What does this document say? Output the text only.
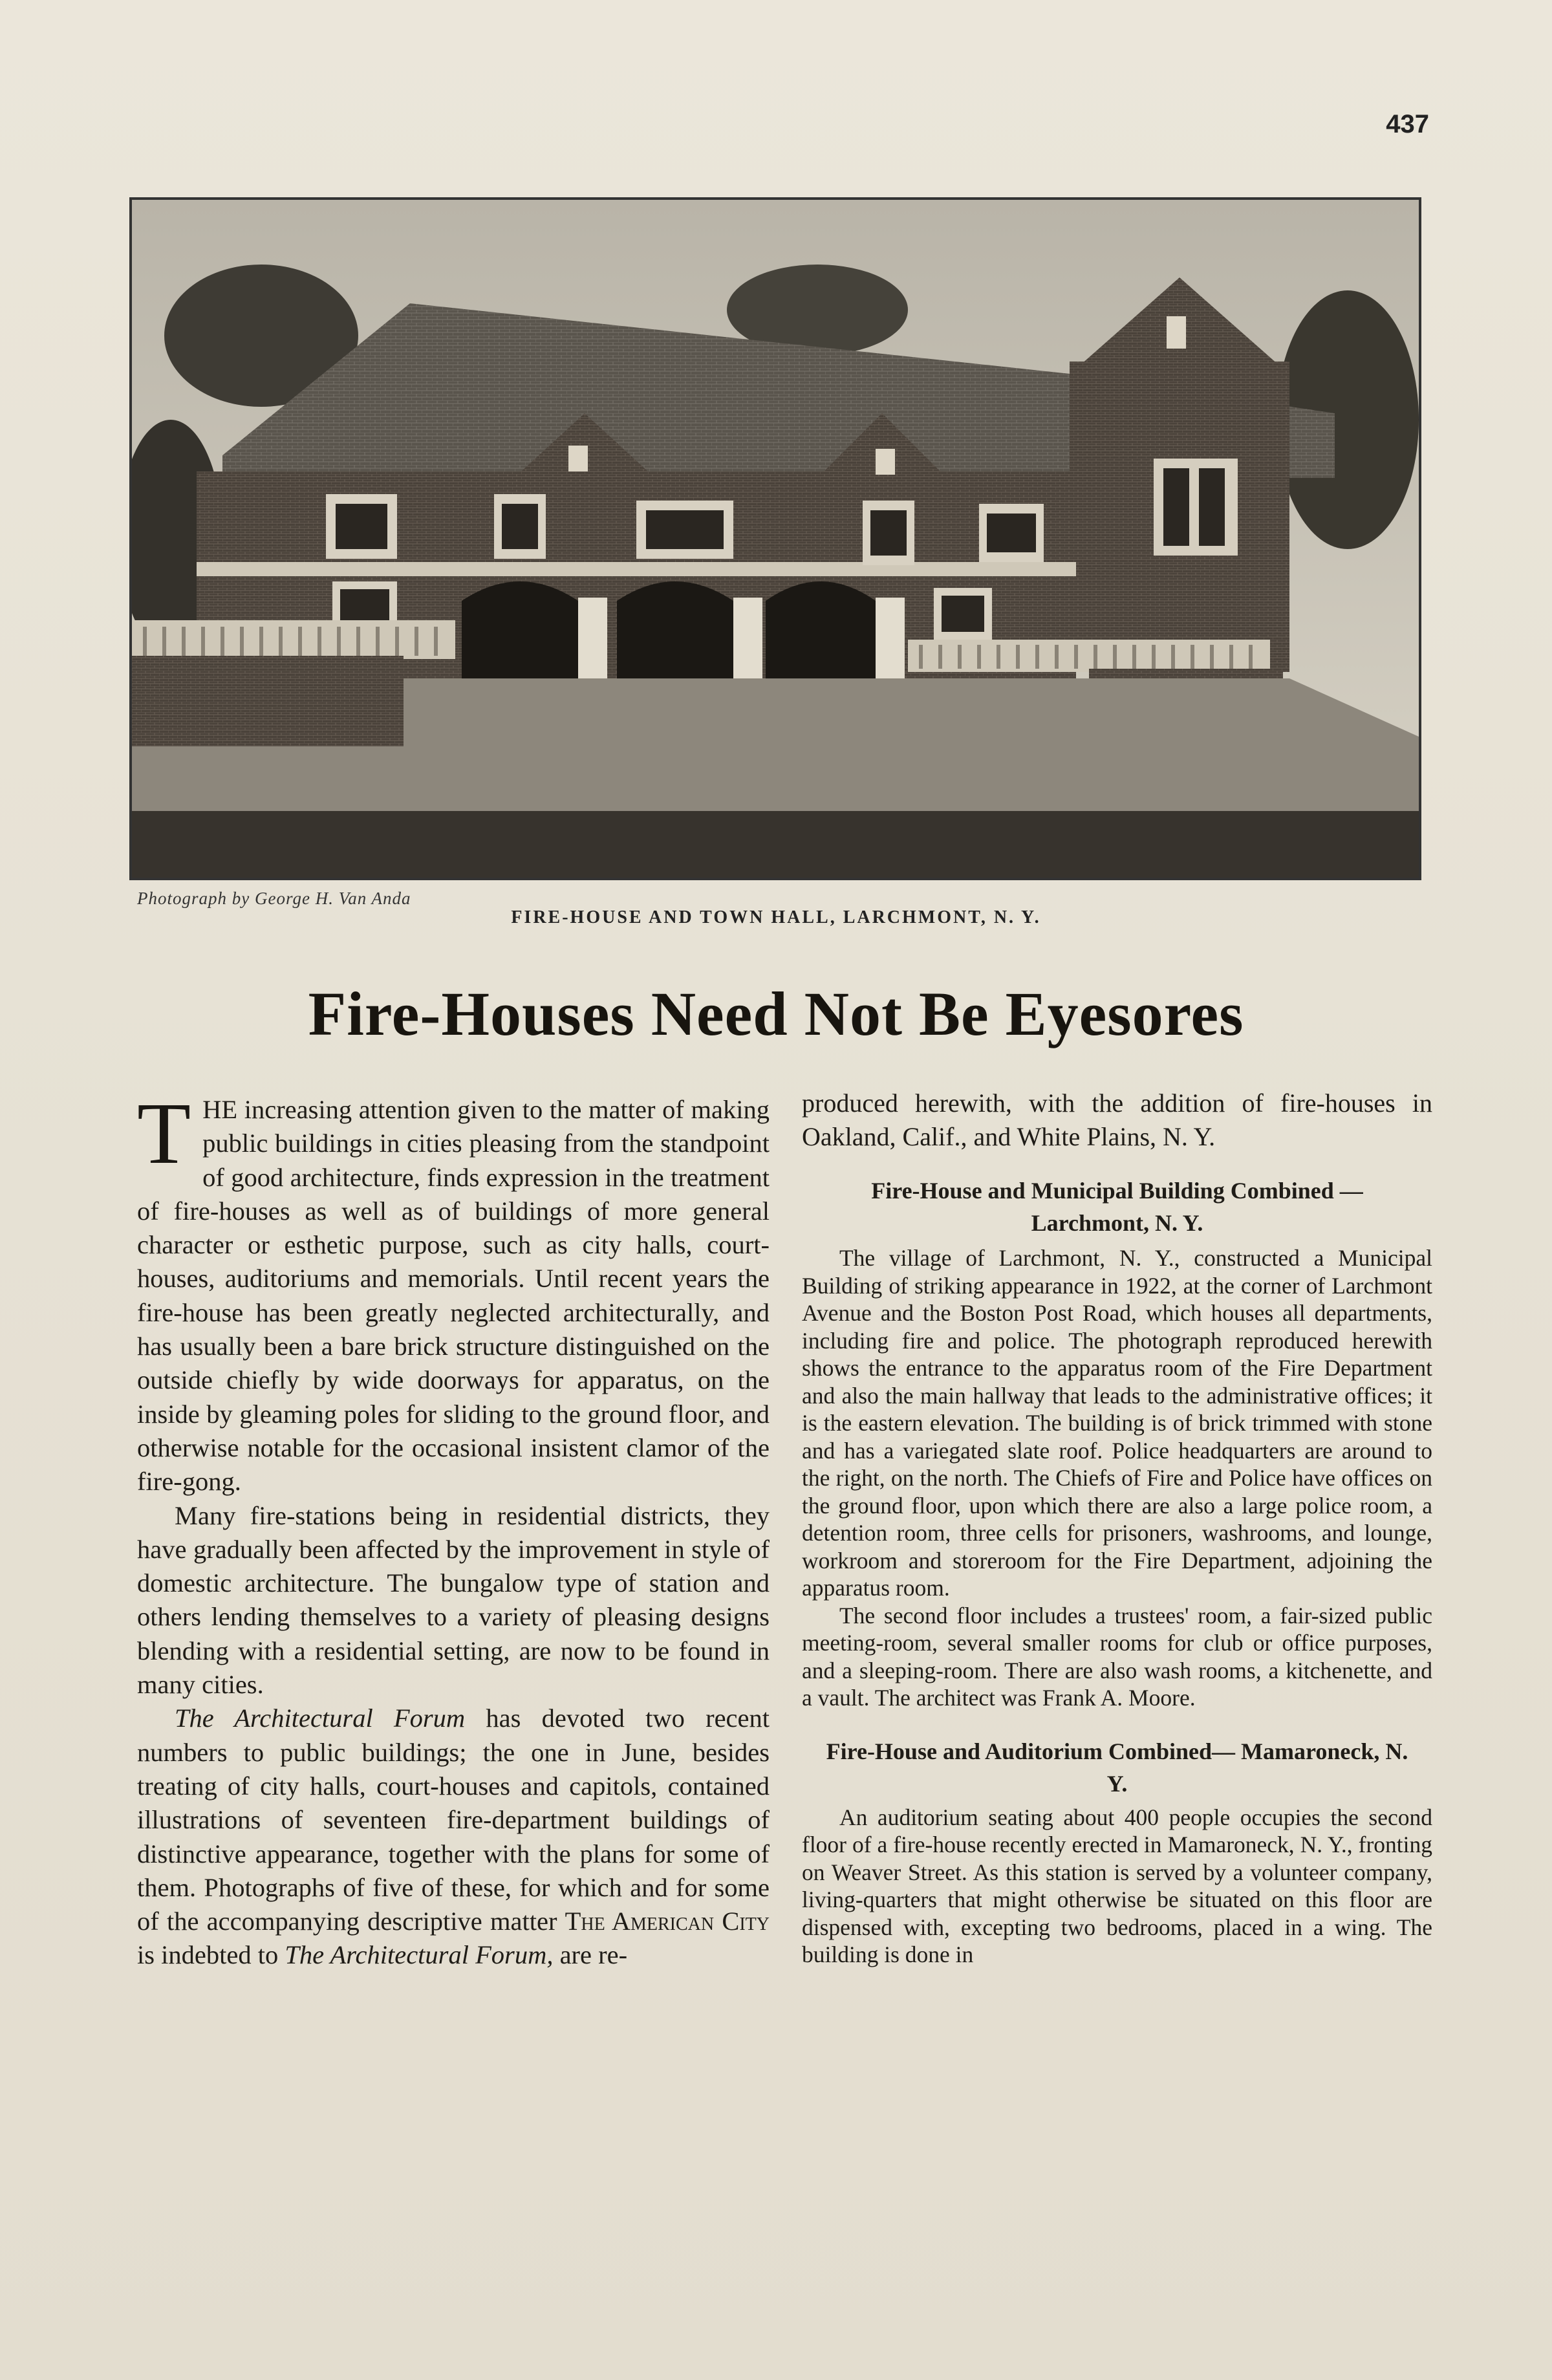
437
Photograph by George H. Van Anda
FIRE-HOUSE AND TOWN HALL, LARCHMONT, N. Y.
Fire-Houses Need Not Be Eyesores

THE increasing attention given to the matter of making public buildings in cities pleasing from the standpoint of good architecture, finds expression in the treatment of fire-houses as well as of buildings of more general character or esthetic purpose, such as city halls, court-houses, auditoriums and memorials. Until recent years the fire-house has been greatly neglected architecturally, and has usually been a bare brick structure distinguished on the outside chiefly by wide doorways for apparatus, on the inside by gleaming poles for sliding to the ground floor, and otherwise notable for the occasional insistent clamor of the fire-gong.

Many fire-stations being in residential districts, they have gradually been affected by the improvement in style of domestic architecture. The bungalow type of station and others lending themselves to a variety of pleasing designs blending with a residential setting, are now to be found in many cities.

The Architectural Forum has devoted two recent numbers to public buildings; the one in June, besides treating of city halls, court-houses and capitols, contained illustrations of seventeen fire-department buildings of distinctive appearance, together with the plans for some of them. Photographs of five of these, for which and for some of the accompanying descriptive matter The American City is indebted to The Architectural Forum, are re-

produced herewith, with the addition of fire-houses in Oakland, Calif., and White Plains, N. Y.

Fire-House and Municipal Building Combined —Larchmont, N. Y.

The village of Larchmont, N. Y., constructed a Municipal Building of striking appearance in 1922, at the corner of Larchmont Avenue and the Boston Post Road, which houses all departments, including fire and police. The photograph reproduced herewith shows the entrance to the apparatus room of the Fire Department and also the main hallway that leads to the administrative offices; it is the eastern elevation. The building is of brick trimmed with stone and has a variegated slate roof. Police headquarters are around to the right, on the north. The Chiefs of Fire and Police have offices on the ground floor, upon which there are also a large police room, a detention room, three cells for prisoners, washrooms, and lounge, workroom and storeroom for the Fire Department, adjoining the apparatus room.

The second floor includes a trustees' room, a fair-sized public meeting-room, several smaller rooms for club or office purposes, and a sleeping-room. There are also wash rooms, a kitchenette, and a vault. The architect was Frank A. Moore.

Fire-House and Auditorium Combined— Mamaroneck, N. Y.

An auditorium seating about 400 people occupies the second floor of a fire-house recently erected in Mamaroneck, N. Y., fronting on Weaver Street. As this station is served by a volunteer company, living-quarters that might otherwise be situated on this floor are dispensed with, excepting two bedrooms, placed in a wing. The building is done in
